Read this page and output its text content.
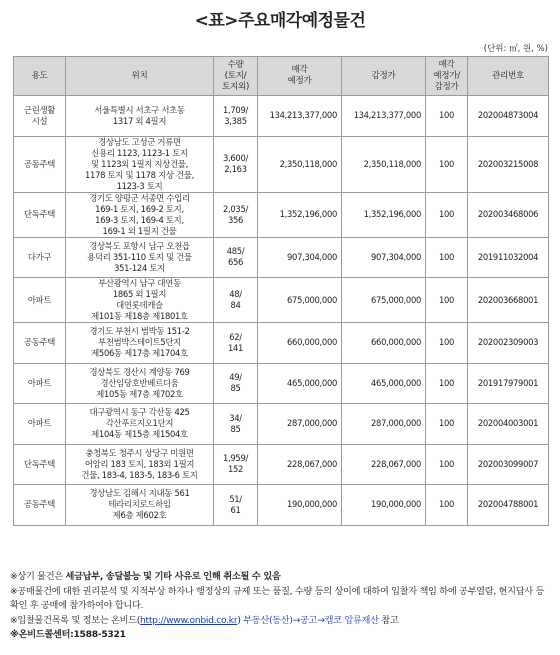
<표>주요매각예정물건
(단위: ㎡, 원, %)
용도	위치	수량
(토지/
토지외)	매각
예정가	감정가	매각
예정가/
감정가	관리번호
근린생활
시설	서울특별시 서초구 서초동
1317 외 4필지	1,709/
3,385	134,213,377,000	134,213,377,000	100	202004873004
공동주택	경상남도 고성군 거류면
신용리 1123, 1123-1 토지
및 1123외 1필지 지상건물,
1178 토지 및 1178 지상 건물,
1123-3 토지	3,600/
2,163	2,350,118,000	2,350,118,000	100	202003215008
단독주택	경기도 양평군 서종면 수입리
169-1 토지, 169-2 토지,
169-3 토지, 169-4 토지,
169-1 외 1필지 건물	2,035/
356	1,352,196,000	1,352,196,000	100	202003468006
다가구	경상북도 포항시 남구 오천읍
용덕리 351-110 토지 및 건물
351-124 토지	485/
656	907,304,000	907,304,000	100	201911032004
아파트	부산광역시 남구 대연동
1865 외 1필지
대연롯데캐슬
제101동 제18층 제1801호	48/
84	675,000,000	675,000,000	100	202003668001
공동주택	경기도 부천시 범박동 151-2
부천범박스테이트5단지
제506동 제17층 제1704호	62/
141	660,000,000	660,000,000	100	202002309003
아파트	경상북도 경산시 계양동 769
경산임당호반베르디움
제105동 제7층 제702호	49/
85	465,000,000	465,000,000	100	201917979001
아파트	대구광역시 동구 각산동 425
각산푸르지오1단지
제104동 제15층 제1504호	34/
85	287,000,000	287,000,000	100	202004003001
단독주택	충청북도 청주시 상당구 미원면
어암리 183 토지, 183외 1필지
건물, 183-4, 183-5, 183-6 토지	1,959/
152	228,067,000	228,067,000	100	202003099007
공동주택	경상남도 김해시 지내동 561
테라리치로드하임
제6층 제602호	51/
61	190,000,000	190,000,000	100	202004788001
※상기 물건은 세금납부, 송달불능 및 기타 사유로 인해 취소될 수 있음
※공매물건에 대한 권리분석 및 지적부상 하자나 행정상의 규제 또는 품질, 수량 등의 상이에 대하여 입찰자 책임 하에 공부열람, 현지답사 등 확인 후 공매에 참가하여야 합니다.
※입찰물건목록 및 정보는 온비드(http://www.onbid.co.kr) 부동산(동산)→공고→캠코 압류재산 참고
※온비드콜센터:1588-5321
